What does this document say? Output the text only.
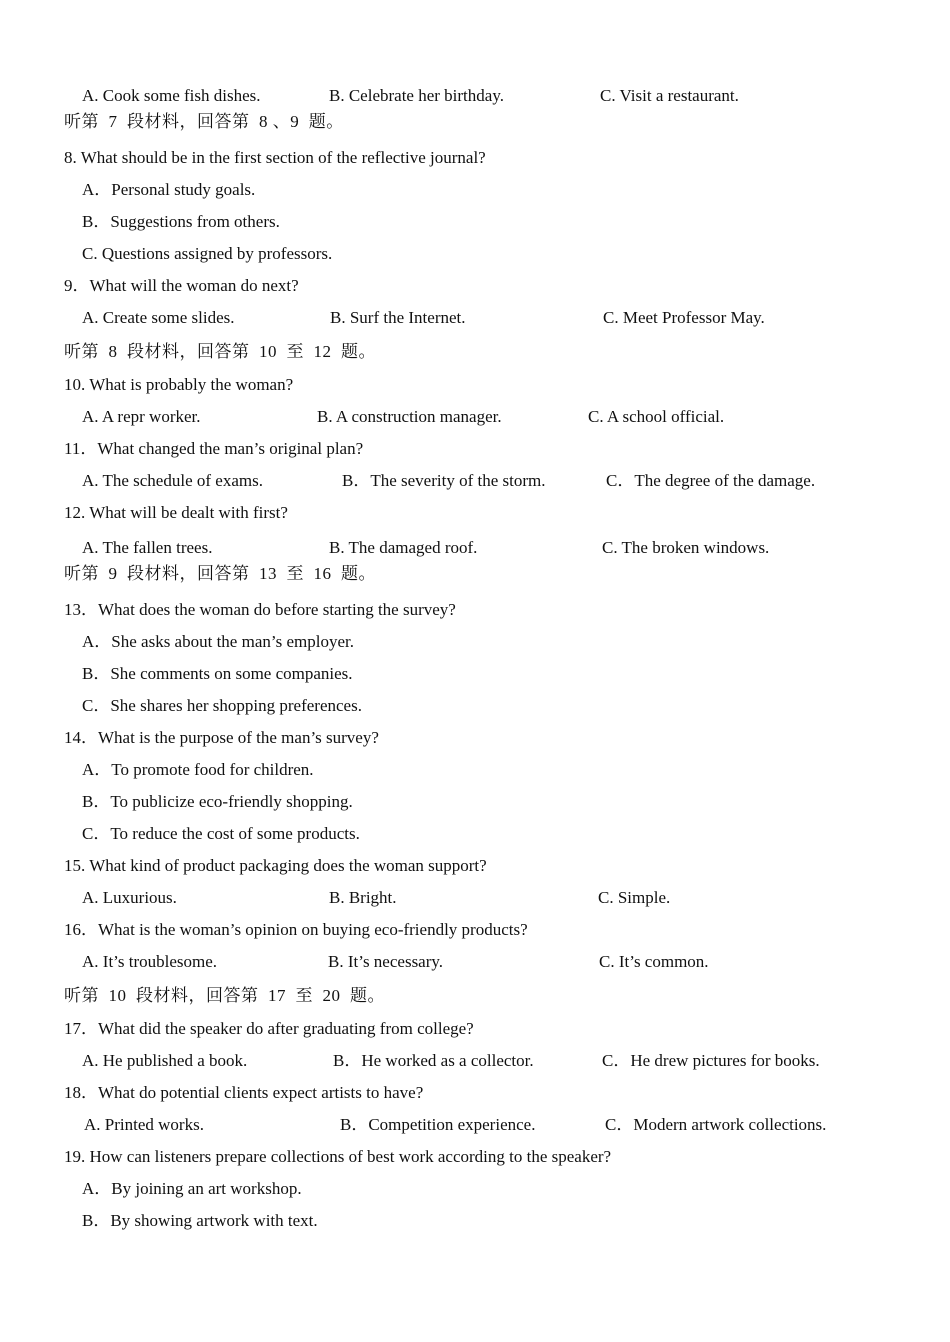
A. Cook some fish dishes.	B. Celebrate her birthday.	C. Visit a restaurant.
听第  7  段材料，回答第  8 、9  题。
8. What should be in the first section of the reflective journal?
A．Personal study goals.
B．Suggestions from others.
C. Questions assigned by professors.
9．What will the woman do next?
A. Create some slides.	B. Surf the Internet.	C. Meet Professor May.
听第  8  段材料，回答第  10  至  12  题。
10. What is probably the woman?
A. A repr worker.	B. A construction manager.	C. A school official.
11．What changed the man’s original plan?
A. The schedule of exams.	B．The severity of the storm.	C．The degree of the damage.
12. What will be dealt with first?
A. The fallen trees.	B. The damaged roof.	C. The broken windows.
听第  9  段材料，回答第  13  至  16  题。
13．What does the woman do before starting the survey?
A．She asks about the man’s employer.
B．She comments on some companies.
C．She shares her shopping preferences.
14．What is the purpose of the man’s survey?
A．To promote food for children.
B．To publicize eco-friendly shopping.
C．To reduce the cost of some products.
15. What kind of product packaging does the woman support?
A. Luxurious.	B. Bright.	C. Simple.
16．What is the woman’s opinion on buying eco-friendly products?
A. It’s troublesome.	B. It’s necessary.	C. It’s common.
听第  10  段材料，回答第  17  至  20  题。
17．What did the speaker do after graduating from college?
A. He published a book.	B．He worked as a collector.	C．He drew pictures for books.
18．What do potential clients expect artists to have?
A. Printed works.	B．Competition experience.	C．Modern artwork collections.
19. How can listeners prepare collections of best work according to the speaker?
A．By joining an art workshop.
B．By showing artwork with text.
